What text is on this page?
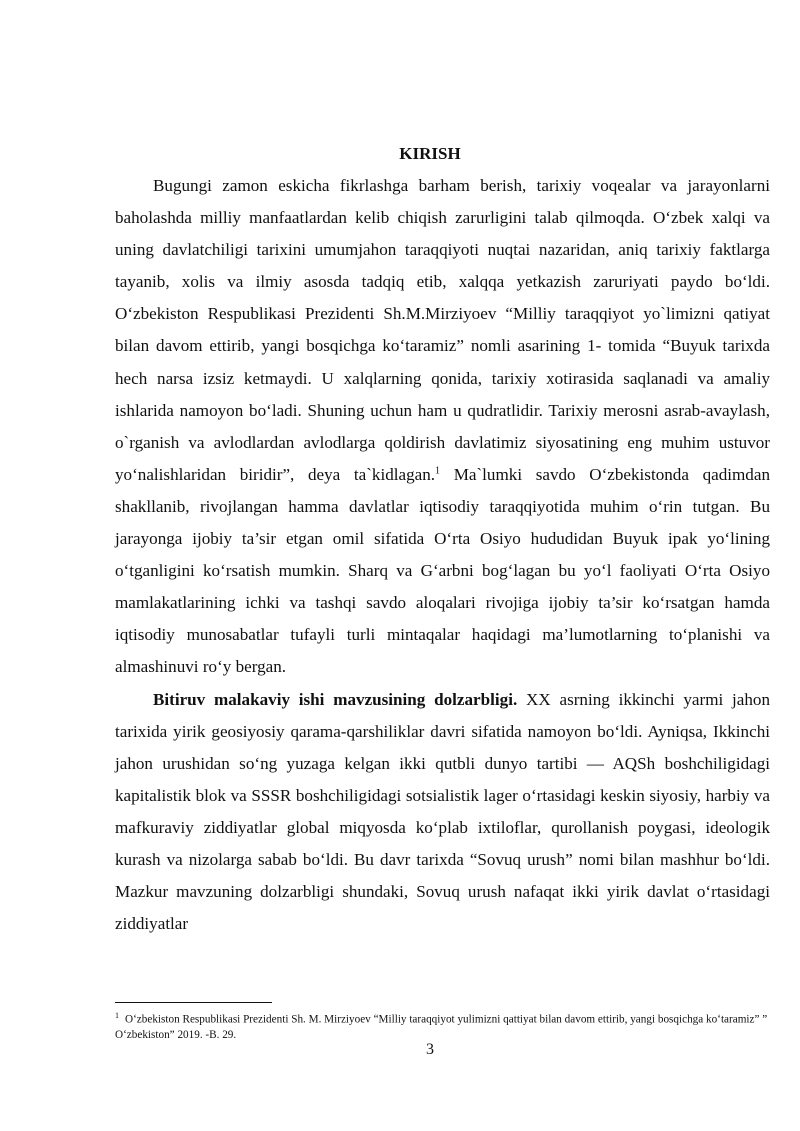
KIRISH

Bugungi zamon eskicha fikrlashga barham berish, tarixiy voqealar va jarayonlarni baholashda milliy manfaatlardan kelib chiqish zarurligini talab qilmoqda. O‘zbek xalqi va uning davlatchiligi tarixini umumjahon taraqqiyoti nuqtai nazaridan, aniq tarixiy faktlarga tayanib, xolis va ilmiy asosda tadqiq etib, xalqqa yetkazish zaruriyati paydo bo‘ldi. O‘zbekiston Respublikasi Prezidenti Sh.M.Mirziyoev “Milliy taraqqiyot yo`limizni qatiyat bilan davom ettirib, yangi bosqichga ko‘taramiz” nomli asarining 1- tomida “Buyuk tarixda hech narsa izsiz ketmaydi. U xalqlarning qonida, tarixiy xotirasida saqlanadi va amaliy ishlarida namoyon bo‘ladi. Shuning uchun ham u qudratlidir. Tarixiy merosni asrab-avaylash, o`rganish va avlodlardan avlodlarga qoldirish davlatimiz siyosatining eng muhim ustuvor yo‘nalishlaridan biridir”, deya ta`kidlagan.$^1$ Ma`lumki savdo O‘zbekistonda qadimdan shakllanib, rivojlangan hamma davlatlar iqtisodiy taraqqiyotida muhim o‘rin tutgan. Bu jarayonga ijobiy ta’sir etgan omil sifatida O‘rta Osiyo hududidan Buyuk ipak yo‘lining o‘tganligini ko‘rsatish mumkin. Sharq va G‘arbni bog‘lagan bu yo‘l faoliyati O‘rta Osiyo mamlakatlarining ichki va tashqi savdo aloqalari rivojiga ijobiy ta’sir ko‘rsatgan hamda iqtisodiy munosabatlar tufayli turli mintaqalar haqidagi ma’lumotlarning to‘planishi va almashinuvi ro‘y bergan.

Bitiruv malakaviy ishi mavzusining dolzarbligi. XX asrning ikkinchi yarmi jahon tarixida yirik geosiyosiy qarama-qarshiliklar davri sifatida namoyon bo‘ldi. Ayniqsa, Ikkinchi jahon urushidan so‘ng yuzaga kelgan ikki qutbli dunyo tartibi — AQSh boshchiligidagi kapitalistik blok va SSSR boshchiligidagi sotsialistik lager o‘rtasidagi keskin siyosiy, harbiy va mafkuraviy ziddiyatlar global miqyosda ko‘plab ixtiloflar, qurollanish poygasi, ideologik kurash va nizolarga sabab bo‘ldi. Bu davr tarixda “Sovuq urush” nomi bilan mashhur bo‘ldi. Mazkur mavzuning dolzarbligi shundaki, Sovuq urush nafaqat ikki yirik davlat o‘rtasidagi ziddiyatlar

$^1$ O‘zbekiston Respublikasi Prezidenti Sh. M. Mirziyoev “Milliy taraqqiyot yulimizni qattiyat bilan davom ettirib, yangi bosqichga ko‘taramiz” ” O‘zbekiston” 2019. -B. 29.
3
